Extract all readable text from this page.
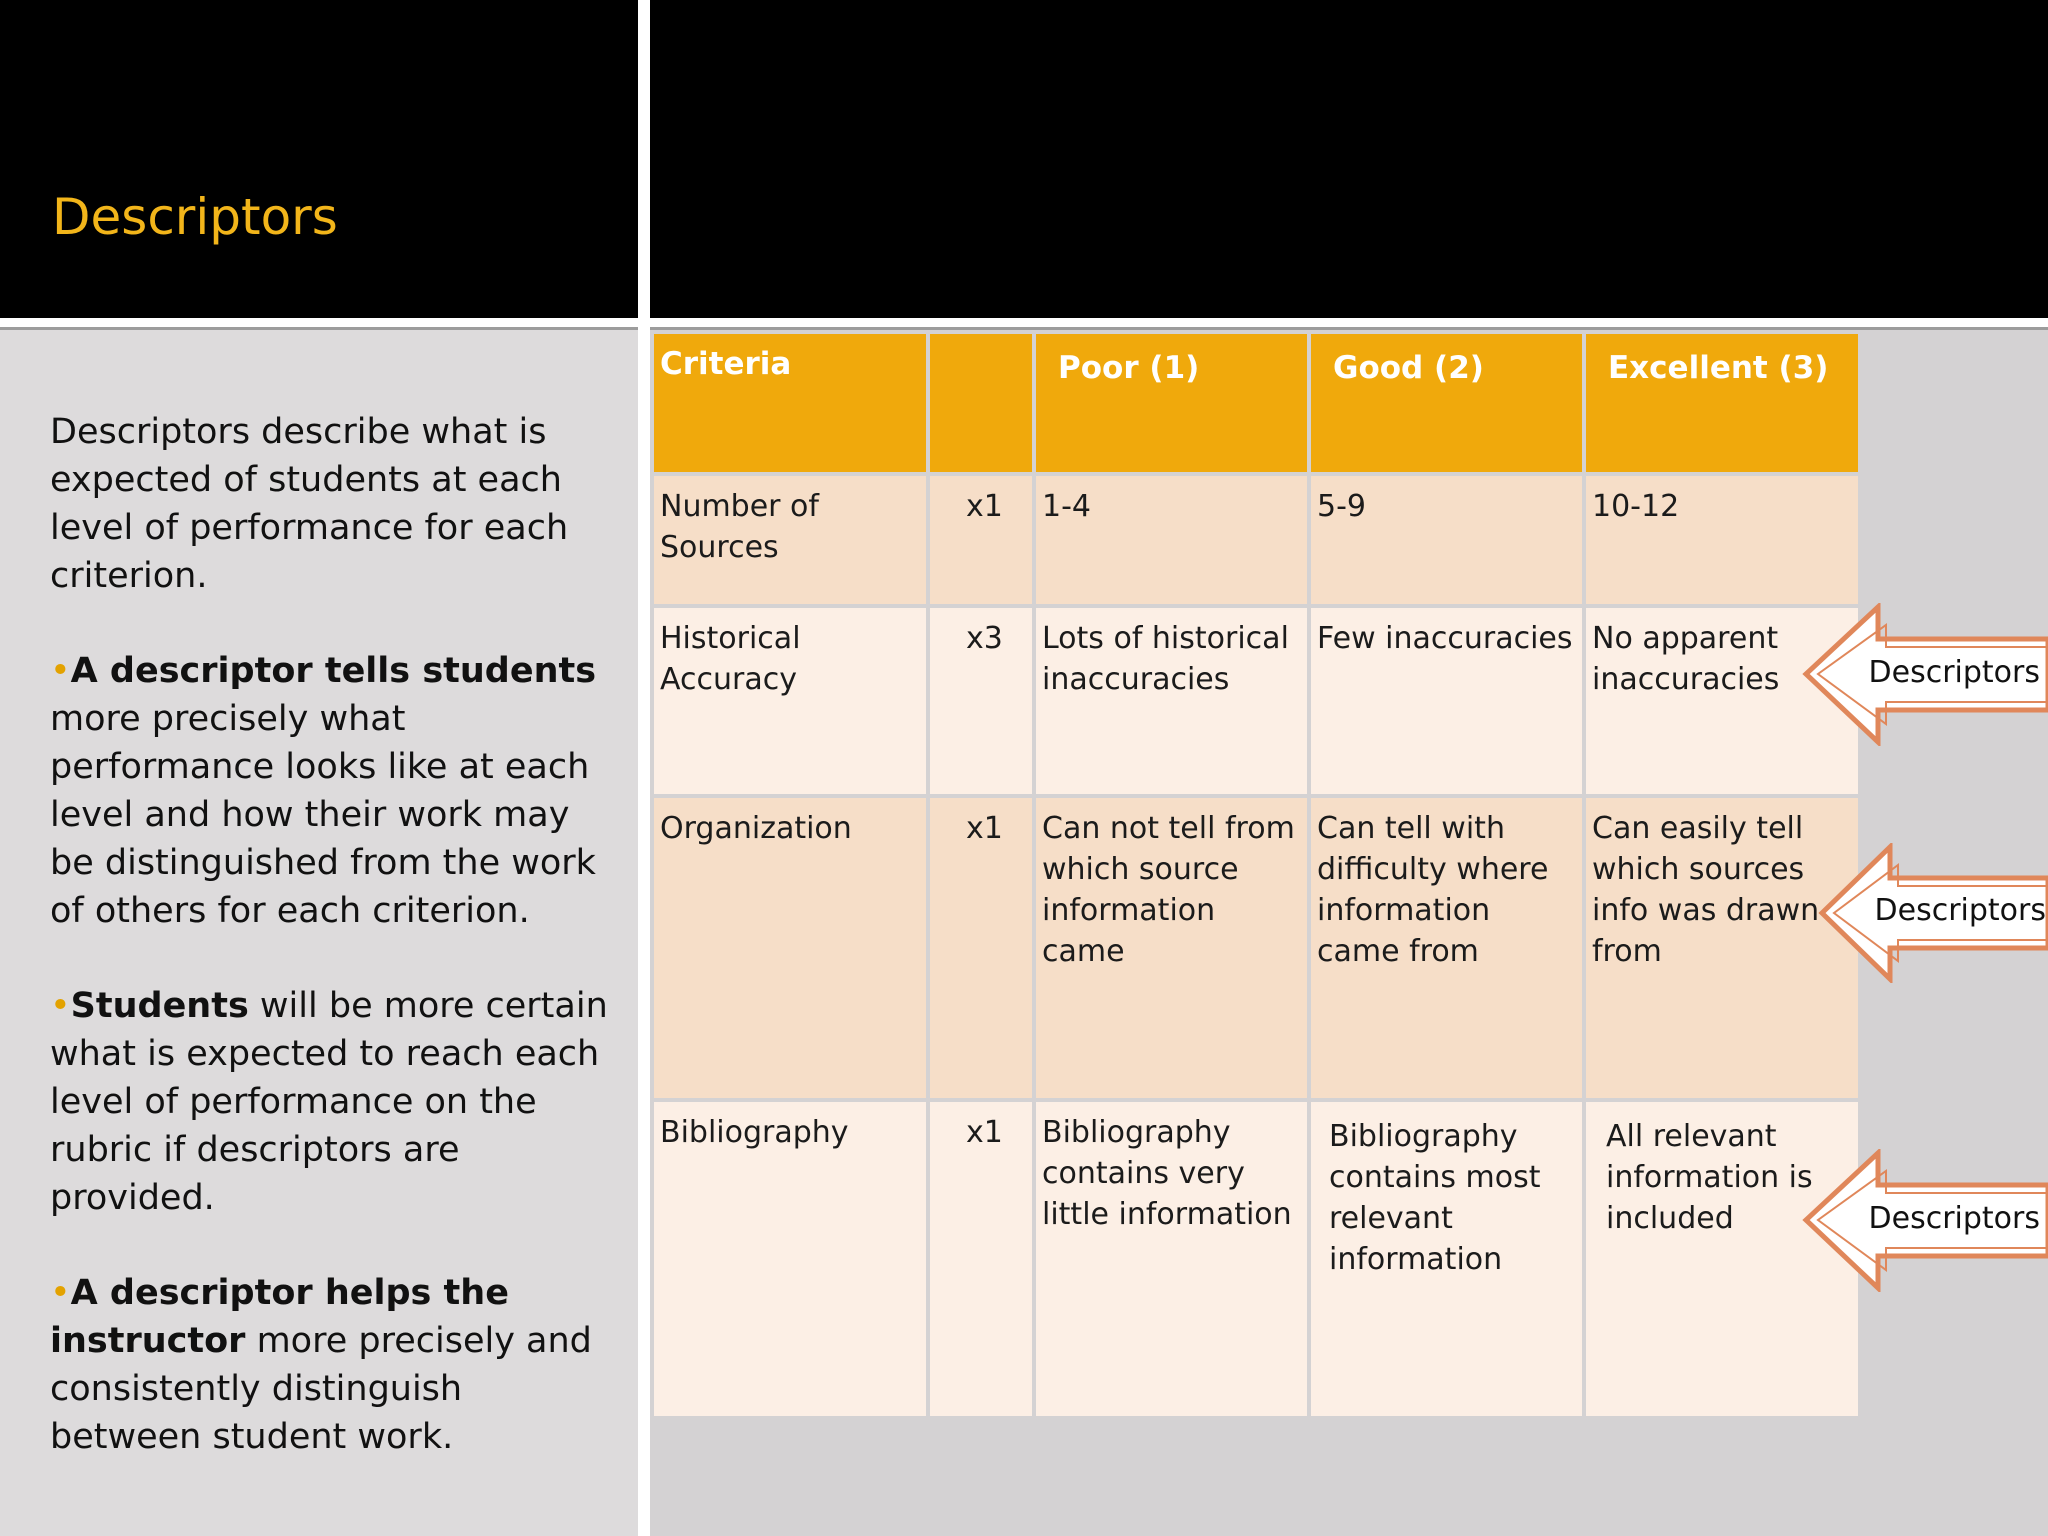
Descriptors

Descriptors describe what is expected of students at each level of performance for each criterion.

•A descriptor tells students more precisely what performance looks like at each level and how their work may be distinguished from the work of others for each criterion.

•Students will be more certain what is expected to reach each level of performance on the rubric if descriptors are provided.

•A descriptor helps the
instructor more precisely and consistently distinguish between student work.

Criteria		Poor (1)	Good (2)	Excellent (3)
Number of Sources	x1	1-4	5-9	10-12
Historical Accuracy	x3	Lots of historical inaccuracies	Few inaccuracies	No apparent inaccuracies
Organization	x1	Can not tell from which source information came	Can tell with difficulty where information came from	Can easily tell which sources info was drawn from
Bibliography	x1	Bibliography contains very little information	Bibliography contains most relevant information	All relevant information is included
Descriptors
Descriptors
Descriptors
